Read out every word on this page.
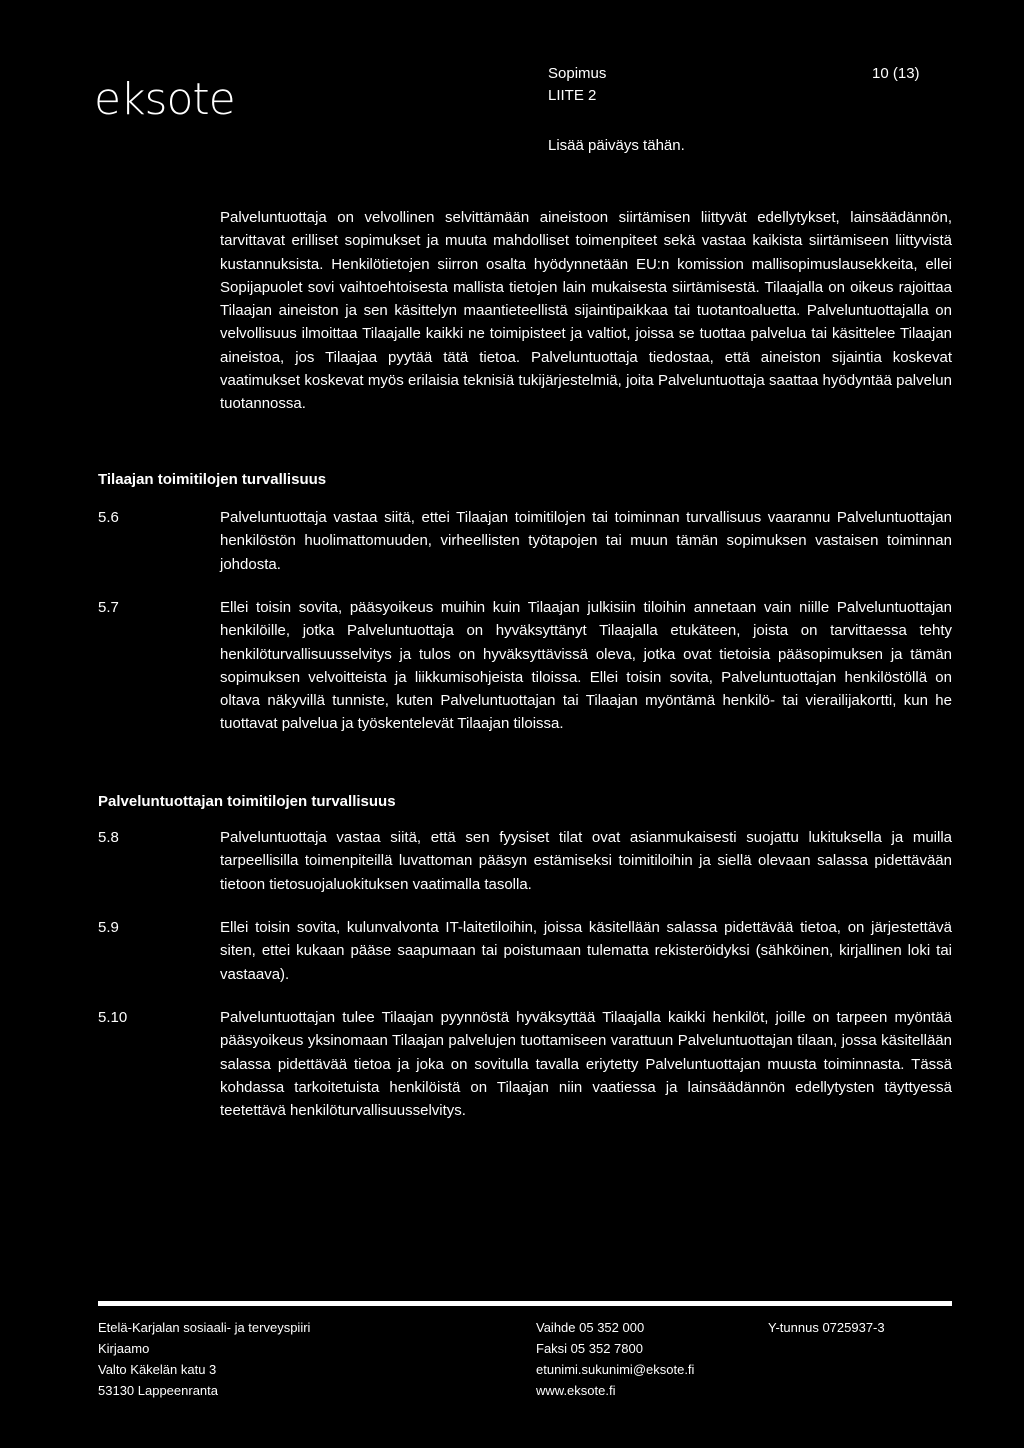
eksote
Sopimus
LIITE 2
Lisää päiväys tähän.
10 (13)

Palveluntuottaja on velvollinen selvittämään aineistoon siirtämisen liittyvät edellytykset, lainsäädännön, tarvittavat erilliset sopimukset ja muuta mahdolliset toimenpiteet sekä vastaa kaikista siirtämiseen liittyvistä kustannuksista. Henkilötietojen siirron osalta hyödynnetään EU:n komission mallisopimuslausekkeita, ellei Sopijapuolet sovi vaihtoehtoisesta mallista tietojen lain mukaisesta siirtämisestä. Tilaajalla on oikeus rajoittaa Tilaajan aineiston ja sen käsittelyn maantieteellistä sijaintipaikkaa tai tuotantoaluetta. Palveluntuottajalla on velvollisuus ilmoittaa Tilaajalle kaikki ne toimipisteet ja valtiot, joissa se tuottaa palvelua tai käsittelee Tilaajan aineistoa, jos Tilaajaa pyytää tätä tietoa. Palveluntuottaja tiedostaa, että aineiston sijaintia koskevat vaatimukset koskevat myös erilaisia teknisiä tukijärjestelmiä, joita Palveluntuottaja saattaa hyödyntää palvelun tuotannossa.

Tilaajan toimitilojen turvallisuus
5.6	Palveluntuottaja vastaa siitä, ettei Tilaajan toimitilojen tai toiminnan turvallisuus vaarannu Palveluntuottajan henkilöstön huolimattomuuden, virheellisten työtapojen tai muun tämän sopimuksen vastaisen toiminnan johdosta.

5.7	Ellei toisin sovita, pääsyoikeus muihin kuin Tilaajan julkisiin tiloihin annetaan vain niille Palveluntuottajan henkilöille, jotka Palveluntuottaja on hyväksyttänyt Tilaajalla etukäteen, joista on tarvittaessa tehty henkilöturvallisuusselvitys ja tulos on hyväksyttävissä oleva, jotka ovat tietoisia pääsopimuksen ja tämän sopimuksen velvoitteista ja liikkumisohjeista tiloissa. Ellei toisin sovita, Palveluntuottajan henkilöstöllä on oltava näkyvillä tunniste, kuten Palveluntuottajan tai Tilaajan myöntämä henkilö- tai vierailijakortti, kun he tuottavat palvelua ja työskentelevät Tilaajan tiloissa.

Palveluntuottajan toimitilojen turvallisuus
5.8	Palveluntuottaja vastaa siitä, että sen fyysiset tilat ovat asianmukaisesti suojattu lukituksella ja muilla tarpeellisilla toimenpiteillä luvattoman pääsyn estämiseksi toimitiloihin ja siellä olevaan salassa pidettävään tietoon tietosuojaluokituksen vaatimalla tasolla.

5.9	Ellei toisin sovita, kulunvalvonta IT-laitetiloihin, joissa käsitellään salassa pidettävää tietoa, on järjestettävä siten, ettei kukaan pääse saapumaan tai poistumaan tulematta rekisteröidyksi (sähköinen, kirjallinen loki tai vastaava).

5.10	Palveluntuottajan tulee Tilaajan pyynnöstä hyväksyttää Tilaajalla kaikki henkilöt, joille on tarpeen myöntää pääsyoikeus yksinomaan Tilaajan palvelujen tuottamiseen varattuun Palveluntuottajan tilaan, jossa käsitellään salassa pidettävää tietoa ja joka on sovitulla tavalla eriytetty Palveluntuottajan muusta toiminnasta. Tässä kohdassa tarkoitetuista henkilöistä on Tilaajan niin vaatiessa ja lainsäädännön edellytysten täyttyessä teetettävä henkilöturvallisuusselvitys.

Etelä-Karjalan sosiaali- ja terveyspiiri
Kirjaamo
Valto Käkelän katu 3
53130 Lappeenranta
Vaihde 05 352 000
Faksi 05 352 7800
etunimi.sukunimi@eksote.fi
www.eksote.fi
Y-tunnus 0725937-3
